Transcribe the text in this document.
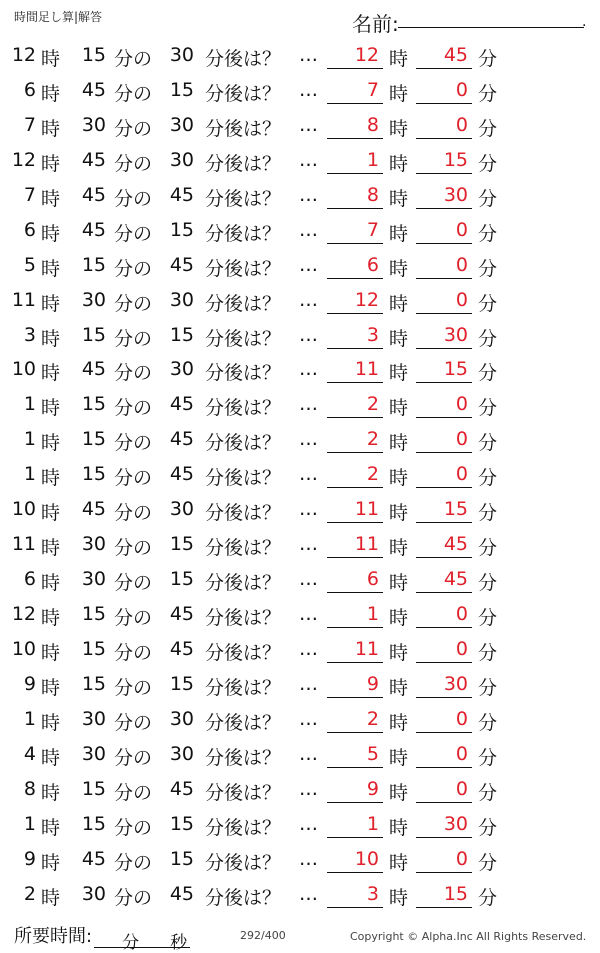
時間足し算|解答	名前:	.
12 時	15 分の 30 分後は？ …	12 時	45 分
6 時	45 分の 15 分後は？ …	7 時	0 分
7 時	30 分の 30 分後は？ …	8 時	0 分
12 時	45 分の 30 分後は？ …	1 時	15 分
7 時	45 分の 45 分後は？ …	8 時	30 分
6 時	45 分の 15 分後は？ …	7 時	0 分
5 時	15 分の 45 分後は？ …	6 時	0 分
11 時	30 分の 30 分後は？ …	12 時	0 分
3 時	15 分の 15 分後は？ …	3 時	30 分
10 時	45 分の 30 分後は？ …	11 時	15 分
1 時	15 分の 45 分後は？ …	2 時	0 分
1 時	15 分の 45 分後は？ …	2 時	0 分
1 時	15 分の 45 分後は？ …	2 時	0 分
10 時	45 分の 30 分後は？ …	11 時	15 分
11 時	30 分の 15 分後は？ …	11 時	45 分
6 時	30 分の 15 分後は？ …	6 時	45 分
12 時	15 分の 45 分後は？ …	1 時	0 分
10 時	15 分の 45 分後は？ …	11 時	0 分
9 時	15 分の 15 分後は？ …	9 時	30 分
1 時	30 分の 30 分後は？ …	2 時	0 分
4 時	30 分の 30 分後は？ …	5 時	0 分
8 時	15 分の 45 分後は？ …	9 時	0 分
1 時	15 分の 15 分後は？ …	1 時	30 分
9 時	45 分の 15 分後は？ …	10 時	0 分
2 時	30 分の 45 分後は？ …	3 時	15 分
所要時間: 分 秒	292/400	Copyright © Alpha.Inc All Rights Reserved.
